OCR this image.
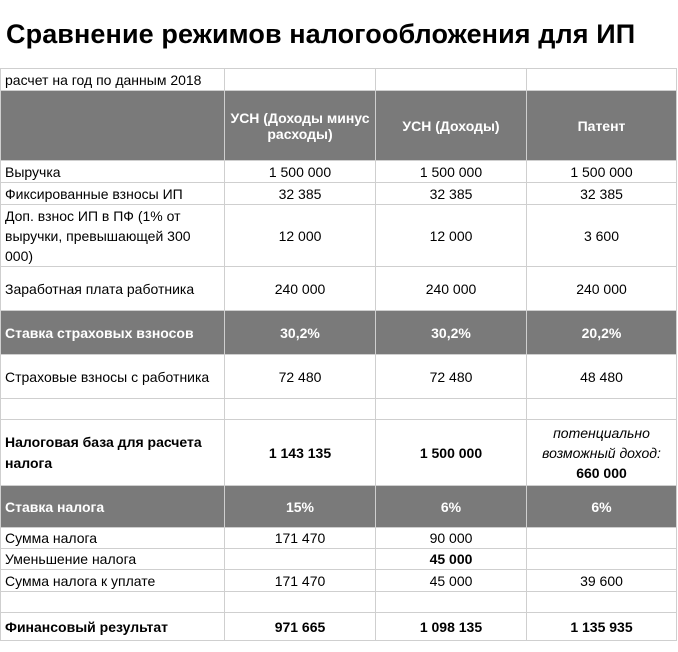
Сравнение режимов налогообложения для ИП
расчет на год по данным 2018			
	УСН (Доходы минус расходы)	УСН (Доходы)	Патент
Выручка	1 500 000	1 500 000	1 500 000
Фиксированные взносы ИП	32 385	32 385	32 385
Доп. взнос ИП в ПФ (1% от выручки, превышающей 300 000)	12 000	12 000	3 600
Заработная плата работника	240 000	240 000	240 000
Ставка страховых взносов	30,2%	30,2%	20,2%
Страховые взносы с работника	72 480	72 480	48 480

Налоговая база для расчета налога	1 143 135	1 500 000	потенциально возможный доход:
660 000

Ставка налога	15%	6%	6%
Сумма налога	171 470	90 000	
Уменьшение налога		45 000	
Сумма налога к уплате	171 470	45 000	39 600

Финансовый результат	971 665	1 098 135	1 135 935
